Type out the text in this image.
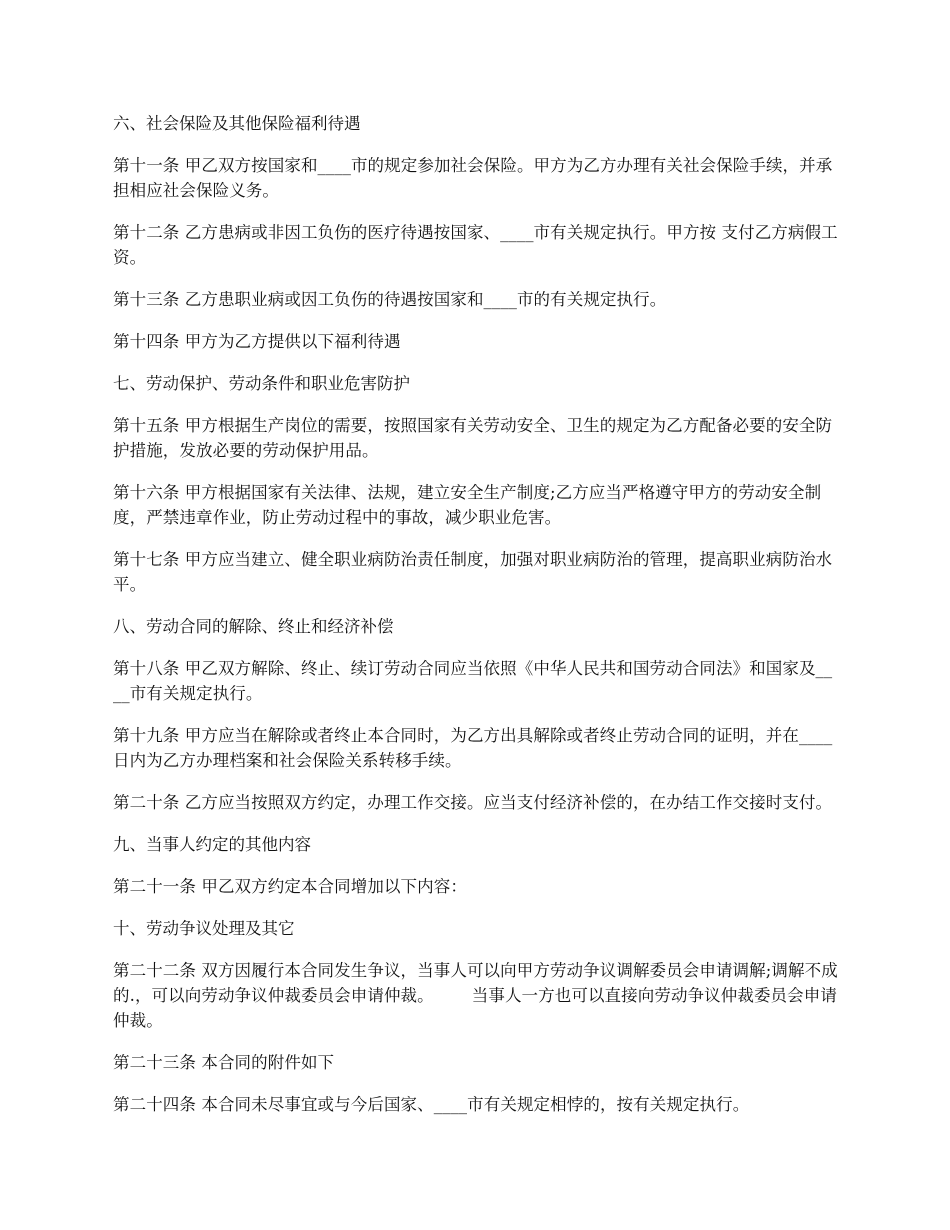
六、社会保险及其他保险福利待遇

第十一条 甲乙双方按国家和____市的规定参加社会保险。甲方为乙方办理有关社会保险手续，并承担相应社会保险义务。

第十二条 乙方患病或非因工负伤的医疗待遇按国家、____市有关规定执行。甲方按 支付乙方病假工资。

第十三条 乙方患职业病或因工负伤的待遇按国家和____市的有关规定执行。

第十四条 甲方为乙方提供以下福利待遇

七、劳动保护、劳动条件和职业危害防护

第十五条 甲方根据生产岗位的需要，按照国家有关劳动安全、卫生的规定为乙方配备必要的安全防护措施，发放必要的劳动保护用品。

第十六条 甲方根据国家有关法律、法规，建立安全生产制度;乙方应当严格遵守甲方的劳动安全制度，严禁违章作业，防止劳动过程中的事故，减少职业危害。

第十七条 甲方应当建立、健全职业病防治责任制度，加强对职业病防治的管理，提高职业病防治水平。

八、劳动合同的解除、终止和经济补偿

第十八条 甲乙双方解除、终止、续订劳动合同应当依照《中华人民共和国劳动合同法》和国家及____市有关规定执行。

第十九条 甲方应当在解除或者终止本合同时，为乙方出具解除或者终止劳动合同的证明，并在____日内为乙方办理档案和社会保险关系转移手续。

第二十条 乙方应当按照双方约定，办理工作交接。应当支付经济补偿的，在办结工作交接时支付。

九、当事人约定的其他内容

第二十一条 甲乙双方约定本合同增加以下内容：

十、劳动争议处理及其它

第二十二条 双方因履行本合同发生争议，当事人可以向甲方劳动争议调解委员会申请调解;调解不成的.，可以向劳动争议仲裁委员会申请仲裁。 当事人一方也可以直接向劳动争议仲裁委员会申请仲裁。

第二十三条 本合同的附件如下

第二十四条 本合同未尽事宜或与今后国家、____市有关规定相悖的，按有关规定执行。
